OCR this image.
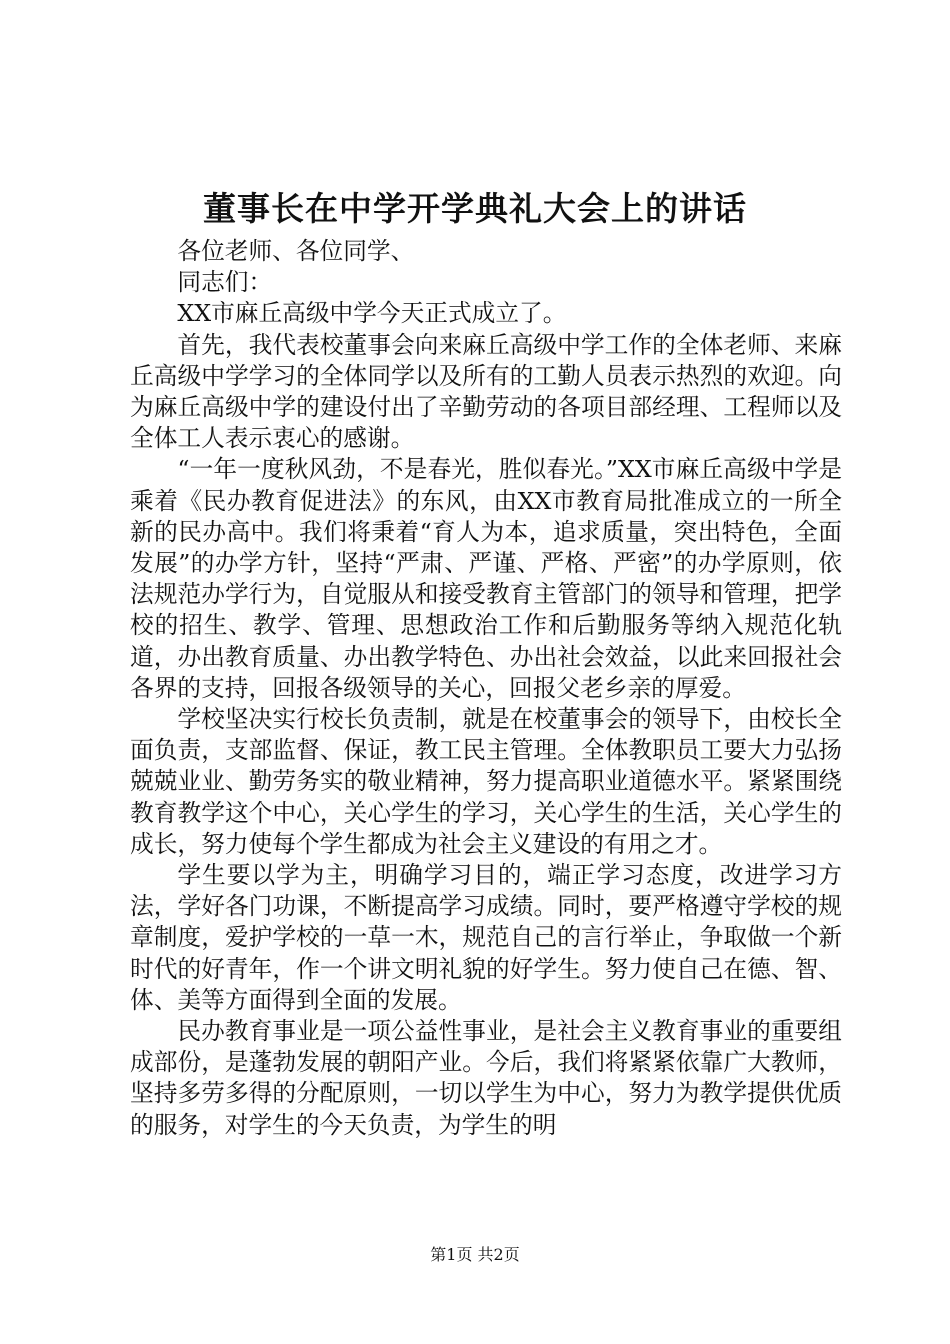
董事长在中学开学典礼大会上的讲话

各位老师、各位同学、

同志们：

XX市麻丘高级中学今天正式成立了。

首先，我代表校董事会向来麻丘高级中学工作的全体老师、来麻丘高级中学学习的全体同学以及所有的工勤人员表示热烈的欢迎。向为麻丘高级中学的建设付出了辛勤劳动的各项目部经理、工程师以及全体工人表示衷心的感谢。

“一年一度秋风劲，不是春光，胜似春光。”XX市麻丘高级中学是乘着《民办教育促进法》的东风，由XX市教育局批准成立的一所全新的民办高中。我们将秉着“育人为本，追求质量，突出特色，全面发展”的办学方针，坚持“严肃、严谨、严格、严密”的办学原则，依法规范办学行为，自觉服从和接受教育主管部门的领导和管理，把学校的招生、教学、管理、思想政治工作和后勤服务等纳入规范化轨道，办出教育质量、办出教学特色、办出社会效益，以此来回报社会各界的支持，回报各级领导的关心，回报父老乡亲的厚爱。

学校坚决实行校长负责制，就是在校董事会的领导下，由校长全面负责，支部监督、保证，教工民主管理。全体教职员工要大力弘扬兢兢业业、勤劳务实的敬业精神，努力提高职业道德水平。紧紧围绕教育教学这个中心，关心学生的学习，关心学生的生活，关心学生的成长，努力使每个学生都成为社会主义建设的有用之才。

学生要以学为主，明确学习目的，端正学习态度，改进学习方法，学好各门功课，不断提高学习成绩。同时，要严格遵守学校的规章制度，爱护学校的一草一木，规范自己的言行举止，争取做一个新时代的好青年，作一个讲文明礼貌的好学生。努力使自己在德、智、体、美等方面得到全面的发展。

民办教育事业是一项公益性事业，是社会主义教育事业的重要组成部份，是蓬勃发展的朝阳产业。今后，我们将紧紧依靠广大教师，坚持多劳多得的分配原则，一切以学生为中心，努力为教学提供优质的服务，对学生的今天负责，为学生的明

第1页 共2页
